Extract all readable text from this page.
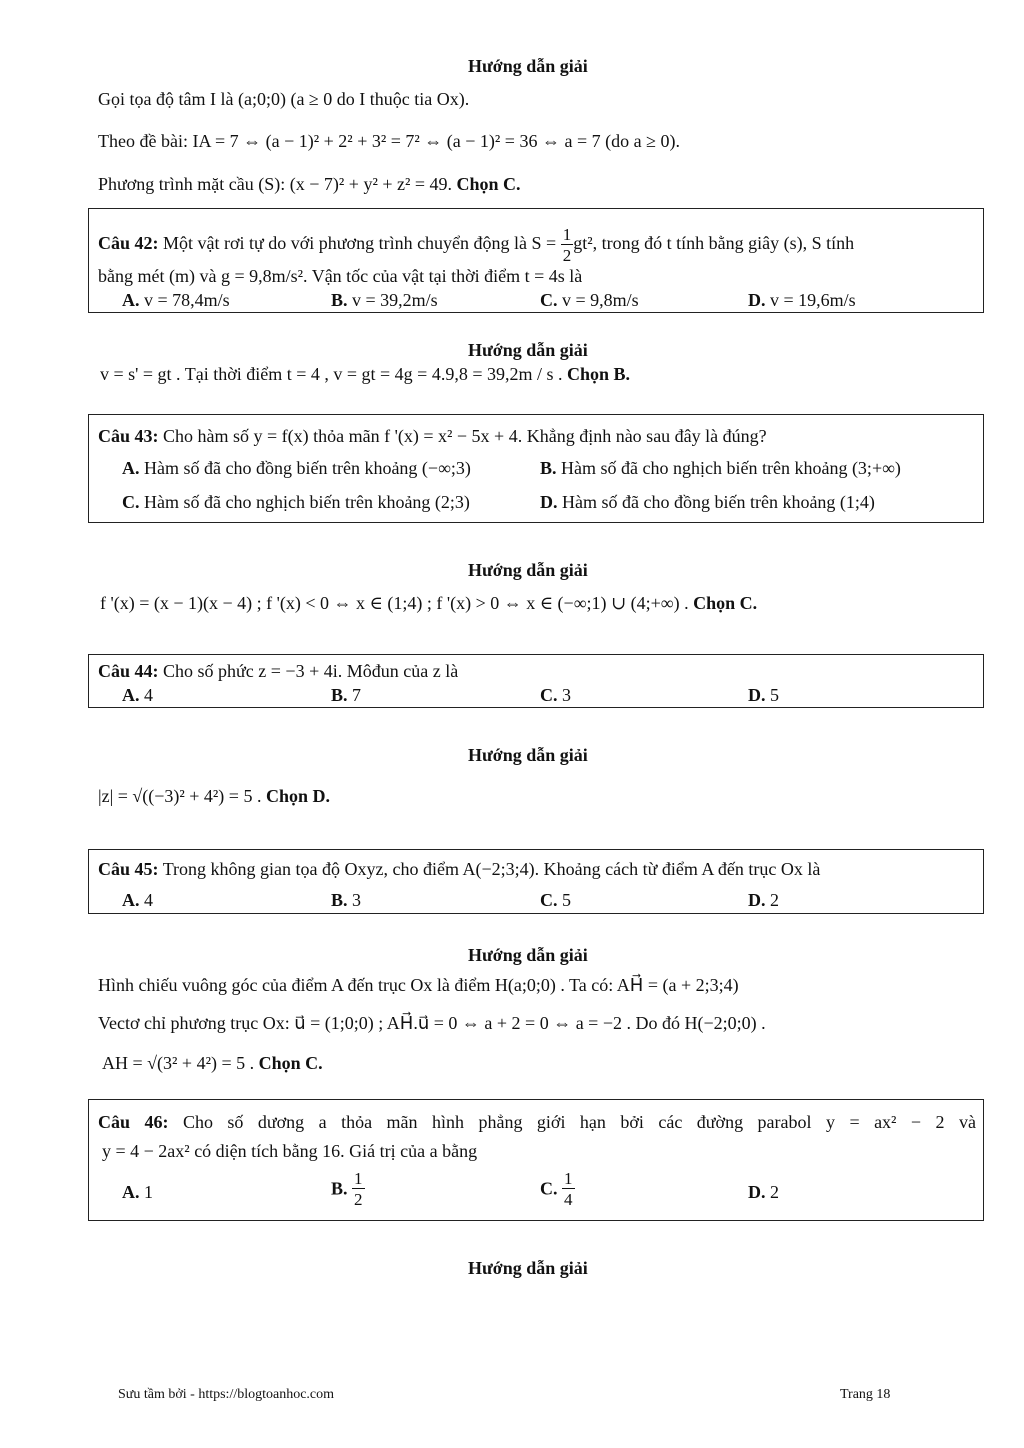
Hướng dẫn giải
Gọi tọa độ tâm I là (a;0;0) (a ≥ 0 do I thuộc tia Ox).
Theo đề bài: IA = 7 ⇔ (a − 1)² + 2² + 3² = 7² ⇔ (a − 1)² = 36 ⇔ a = 7 (do a ≥ 0).
Phương trình mặt cầu (S): (x − 7)² + y² + z² = 49. Chọn C.
Câu 42: Một vật rơi tự do với phương trình chuyển động là $S = \frac{1}{2} gt^2$, trong đó t tính bằng giây (s), S tính
bằng mét (m) và g = 9,8m/s². Vận tốc của vật tại thời điểm t = 4s là
A. v = 78,4m/s	B. v = 39,2m/s	C. v = 9,8m/s	D. v = 19,6m/s
Hướng dẫn giải
v = s' = gt . Tại thời điểm t = 4 , v = gt = 4g = 4.9,8 = 39,2m / s . Chọn B.
Câu 43: Cho hàm số y = f(x) thỏa mãn f '(x) = x² − 5x + 4. Khẳng định nào sau đây là đúng?
A. Hàm số đã cho đồng biến trên khoảng (−∞;3)	B. Hàm số đã cho nghịch biến trên khoảng (3;+∞)
C. Hàm số đã cho nghịch biến trên khoảng (2;3)	D. Hàm số đã cho đồng biến trên khoảng (1;4)
Hướng dẫn giải
f '(x) = (x − 1)(x − 4) ; f '(x) < 0 ⇔ x ∈ (1;4) ; f '(x) > 0 ⇔ x ∈ (−∞;1) ∪ (4;+∞) . Chọn C.
Câu 44: Cho số phức z = −3 + 4i. Môđun của z là
A. 4	B. 7	C. 3	D. 5
Hướng dẫn giải
|z| = √((−3)² + 4²) = 5 . Chọn D.
Câu 45: Trong không gian tọa độ Oxyz, cho điểm A(−2;3;4). Khoảng cách từ điểm A đến trục Ox là
A. 4	B. 3	C. 5	D. 2
Hướng dẫn giải
Hình chiếu vuông góc của điểm A đến trục Ox là điểm H(a;0;0) . Ta có: AH⃗ = (a + 2;3;4)
Vectơ chỉ phương trục Ox: u⃗ = (1;0;0) ; AH⃗.u⃗ = 0 ⇔ a + 2 = 0 ⇔ a = −2 . Do đó H(−2;0;0) .
AH = √(3² + 4²) = 5 . Chọn C.
Câu 46: Cho số dương a thỏa mãn hình phẳng giới hạn bởi các đường parabol y = ax² − 2 và
y = 4 − 2ax² có diện tích bằng 16. Giá trị của a bằng
A. 1	B. $\frac{1}{2}$	C. $\frac{1}{4}$	D. 2
Hướng dẫn giải
Sưu tầm bởi - https://blogtoanhoc.com	Trang 18
